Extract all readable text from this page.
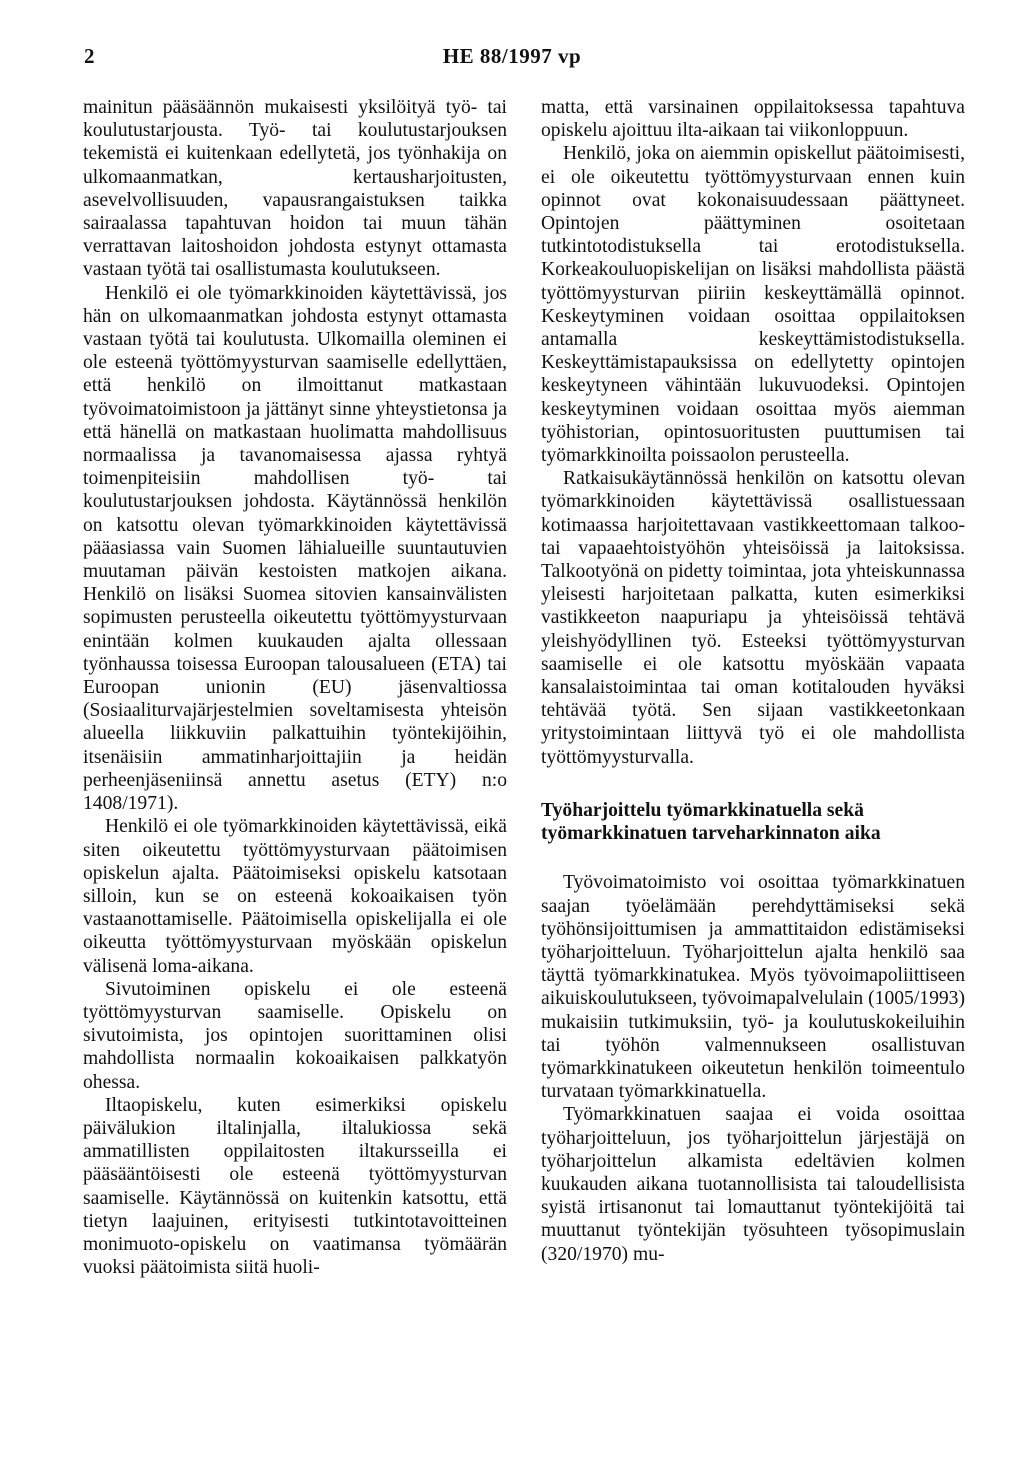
2	HE 88/1997 vp

mainitun pääsäännön mukaisesti yksilöityä työ- tai koulutustarjousta. Työ- tai koulutustarjouksen tekemistä ei kuitenkaan edellytetä, jos työnhakija on ulkomaanmatkan, kertausharjoitusten, asevelvollisuuden, vapausrangaistuksen taikka sairaalassa tapahtuvan hoidon tai muun tähän verrattavan laitoshoidon johdosta estynyt ottamasta vastaan työtä tai osallistumasta koulutukseen.

Henkilö ei ole työmarkkinoiden käytettävissä, jos hän on ulkomaanmatkan johdosta estynyt ottamasta vastaan työtä tai koulutusta. Ulkomailla oleminen ei ole esteenä työttömyysturvan saamiselle edellyttäen, että henkilö on ilmoittanut matkastaan työvoimatoimistoon ja jättänyt sinne yhteystietonsa ja että hänellä on matkastaan huolimatta mahdollisuus normaalissa ja tavanomaisessa ajassa ryhtyä toimenpiteisiin mahdollisen työ- tai koulutustarjouksen johdosta. Käytännössä henkilön on katsottu olevan työmarkkinoiden käytettävissä pääasiassa vain Suomen lähialueille suuntautuvien muutaman päivän kestoisten matkojen aikana. Henkilö on lisäksi Suomea sitovien kansainvälisten sopimusten perusteella oikeutettu työttömyysturvaan enintään kolmen kuukauden ajalta ollessaan työnhaussa toisessa Euroopan talousalueen (ETA) tai Euroopan unionin (EU) jäsenvaltiossa (Sosiaaliturvajärjestelmien soveltamisesta yhteisön alueella liikkuviin palkattuihin työntekijöihin, itsenäisiin ammatinharjoittajiin ja heidän perheenjäseniinsä annettu asetus (ETY) n:o 1408/1971).

Henkilö ei ole työmarkkinoiden käytettävissä, eikä siten oikeutettu työttömyysturvaan päätoimisen opiskelun ajalta. Päätoimiseksi opiskelu katsotaan silloin, kun se on esteenä kokoaikaisen työn vastaanottamiselle. Päätoimisella opiskelijalla ei ole oikeutta työttömyysturvaan myöskään opiskelun välisenä loma-aikana.

Sivutoiminen opiskelu ei ole esteenä työttömyysturvan saamiselle. Opiskelu on sivutoimista, jos opintojen suorittaminen olisi mahdollista normaalin kokoaikaisen palkkatyön ohessa.

Iltaopiskelu, kuten esimerkiksi opiskelu päivälukion iltalinjalla, iltalukiossa sekä ammatillisten oppilaitosten iltakursseilla ei pääsääntöisesti ole esteenä työttömyysturvan saamiselle. Käytännössä on kuitenkin katsottu, että tietyn laajuinen, erityisesti tutkintotavoitteinen monimuoto-opiskelu on vaatimansa työmäärän vuoksi päätoimista siitä huoli-

matta, että varsinainen oppilaitoksessa tapahtuva opiskelu ajoittuu ilta-aikaan tai viikonloppuun.

Henkilö, joka on aiemmin opiskellut päätoimisesti, ei ole oikeutettu työttömyysturvaan ennen kuin opinnot ovat kokonaisuudessaan päättyneet. Opintojen päättyminen osoitetaan tutkintotodistuksella tai erotodistuksella. Korkeakouluopiskelijan on lisäksi mahdollista päästä työttömyysturvan piiriin keskeyttämällä opinnot. Keskeytyminen voidaan osoittaa oppilaitoksen antamalla keskeyttämistodistuksella. Keskeyttämistapauksissa on edellytetty opintojen keskeytyneen vähintään lukuvuodeksi. Opintojen keskeytyminen voidaan osoittaa myös aiemman työhistorian, opintosuoritusten puuttumisen tai työmarkkinoilta poissaolon perusteella.

Ratkaisukäytännössä henkilön on katsottu olevan työmarkkinoiden käytettävissä osallistuessaan kotimaassa harjoitettavaan vastikkeettomaan talkoo- tai vapaaehtoistyöhön yhteisöissä ja laitoksissa. Talkootyönä on pidetty toimintaa, jota yhteiskunnassa yleisesti harjoitetaan palkatta, kuten esimerkiksi vastikkeeton naapuriapu ja yhteisöissä tehtävä yleishyödyllinen työ. Esteeksi työttömyysturvan saamiselle ei ole katsottu myöskään vapaata kansalaistoimintaa tai oman kotitalouden hyväksi tehtävää työtä. Sen sijaan vastikkeetonkaan yritystoimintaan liittyvä työ ei ole mahdollista työttömyysturvalla.

Työharjoittelu työmarkkinatuella sekä työmarkkinatuen tarveharkinnaton aika

Työvoimatoimisto voi osoittaa työmarkkinatuen saajan työelämään perehdyttämiseksi sekä työhönsijoittumisen ja ammattitaidon edistämiseksi työharjoitteluun. Työharjoittelun ajalta henkilö saa täyttä työmarkkinatukea. Myös työvoimapoliittiseen aikuiskoulutukseen, työvoimapalvelulain (1005/1993) mukaisiin tutkimuksiin, työ- ja koulutuskokeiluihin tai työhön valmennukseen osallistuvan työmarkkinatukeen oikeutetun henkilön toimeentulo turvataan työmarkkinatuella.

Työmarkkinatuen saajaa ei voida osoittaa työharjoitteluun, jos työharjoittelun järjestäjä on työharjoittelun alkamista edeltävien kolmen kuukauden aikana tuotannollisista tai taloudellisista syistä irtisanonut tai lomauttanut työntekijöitä tai muuttanut työntekijän työsuhteen työsopimuslain (320/1970) mu-
